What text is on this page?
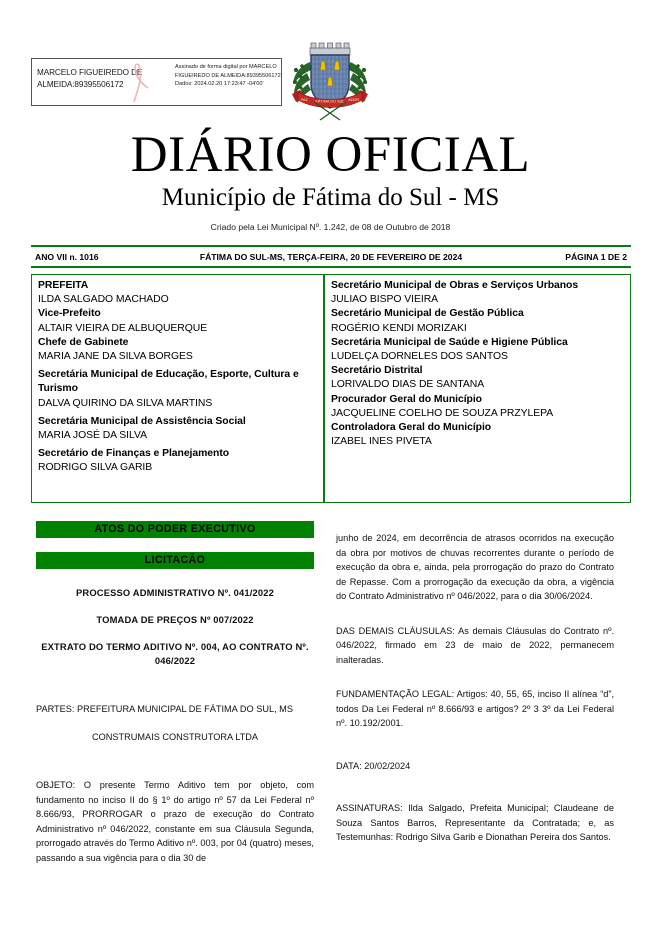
MARCELO FIGUEIREDO DE ALMEIDA:89395506172
Assinado de forma digital por MARCELO FIGUEIREDO DE ALMEIDA:89395506172 Dados: 2024.02.20 17:23:47 -04'00'
PAZ FÁTIMA DO SUL AMOR
DIÁRIO OFICIAL
Município de Fátima do Sul - MS
Criado pela Lei Municipal Nº. 1.242, de 08 de Outubro de 2018
ANO VII n. 1016	FÁTIMA DO SUL-MS, TERÇA-FEIRA, 20 DE FEVEREIRO DE 2024	PÁGINA 1 DE 2
PREFEITA
ILDA SALGADO MACHADO
Vice-Prefeito
ALTAIR VIEIRA DE ALBUQUERQUE
Chefe de Gabinete
MARIA JANE DA SILVA BORGES
Secretária Municipal de Educação, Esporte, Cultura e Turismo
DALVA QUIRINO DA SILVA MARTINS
Secretária Municipal de Assistência Social
MARIA JOSÉ DA SILVA
Secretário de Finanças e Planejamento
RODRIGO SILVA GARIB
Secretário Municipal de Obras e Serviços Urbanos
JULIAO BISPO VIEIRA
Secretário Municipal de Gestão Pública
ROGÉRIO KENDI MORIZAKI
Secretária Municipal de Saúde e Higiene Pública
LUDELÇA DORNELES DOS SANTOS
Secretário Distrital
LORIVALDO DIAS DE SANTANA
Procurador Geral do Município
JACQUELINE COELHO DE SOUZA PRZYLEPA
Controladora Geral do Município
IZABEL INES PIVETA
ATOS DO PODER EXECUTIVO
LICITACÃO
PROCESSO ADMINISTRATIVO Nº. 041/2022
TOMADA DE PREÇOS Nº 007/2022
EXTRATO DO TERMO ADITIVO Nº. 004, AO CONTRATO Nº. 046/2022
PARTES: PREFEITURA MUNICIPAL DE FÁTIMA DO SUL, MS
CONSTRUMAIS CONSTRUTORA LTDA
OBJETO: O presente Termo Aditivo tem por objeto, com fundamento no inciso II do § 1º do artigo nº 57 da Lei Federal nº 8.666/93, PRORROGAR o prazo de execução do Contrato Administrativo nº 046/2022, constante em sua Cláusula Segunda, prorrogado através do Termo Aditivo nº. 003, por 04 (quatro) meses, passando a sua vigência para o dia 30 de
junho de 2024, em decorrência de atrasos ocorridos na execução da obra por motivos de chuvas recorrentes durante o período de execução da obra e, ainda, pela prorrogação do prazo do Contrato de Repasse. Com a prorrogação da execução da obra, a vigência do Contrato Administrativo nº 046/2022, para o dia 30/06/2024.
DAS DEMAIS CLÁUSULAS: As demais Cláusulas do Contrato nº. 046/2022, firmado em 23 de maio de 2022, permanecem inalteradas.
FUNDAMENTAÇÃO LEGAL: Artigos: 40, 55, 65, inciso II alínea “d”, todos Da Lei Federal nº 8.666/93 e artigos? 2º 3 3º da Lei Federal nº. 10.192/2001.
DATA: 20/02/2024
ASSINATURAS: Ilda Salgado, Prefeita Municipal; Claudeane de Souza Santos Barros, Representante da Contratada; e, as Testemunhas: Rodrigo Silva Garib e Dionathan Pereira dos Santos.
